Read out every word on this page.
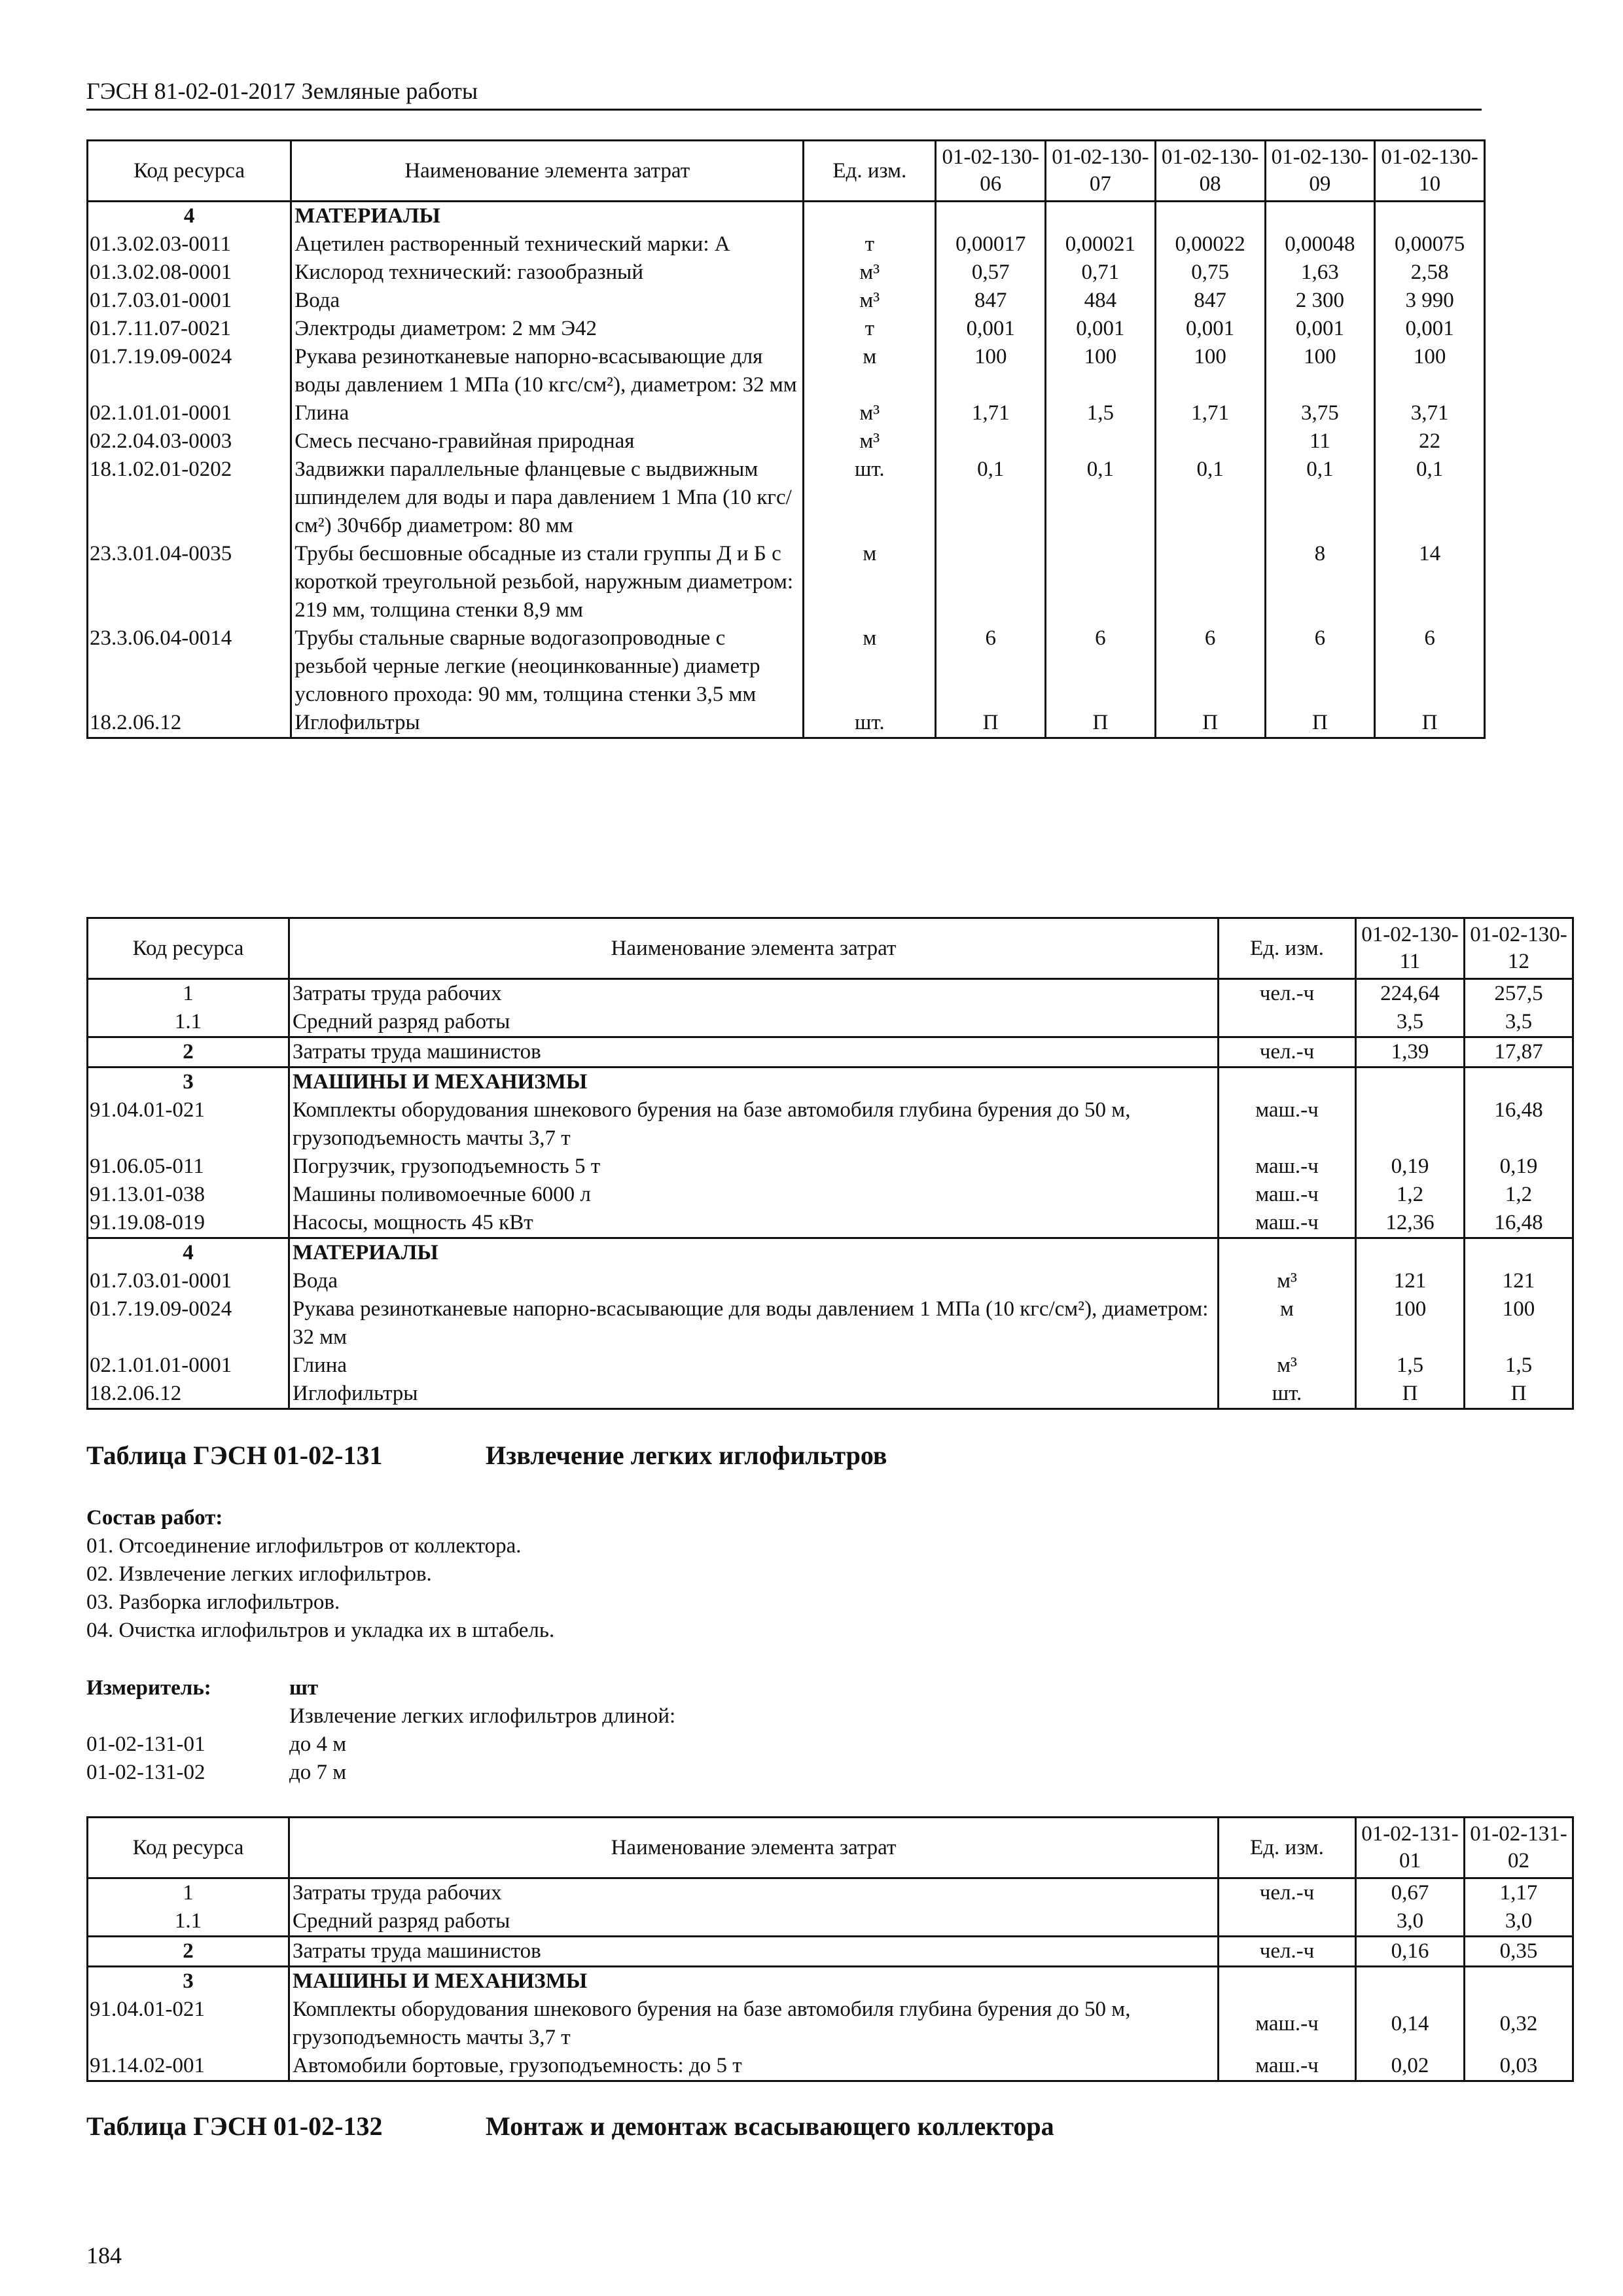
ГЭСН 81-02-01-2017 Земляные работы
Код ресурса	Наименование элемента затрат	Ед. изм.	01-02-130-06	01-02-130-07	01-02-130-08	01-02-130-09	01-02-130-10
4	МАТЕРИАЛЫ						
01.3.02.03-0011	Ацетилен растворенный технический марки: А	т	0,00017	0,00021	0,00022	0,00048	0,00075
01.3.02.08-0001	Кислород технический: газообразный	м³	0,57	0,71	0,75	1,63	2,58
01.7.03.01-0001	Вода	м³	847	484	847	2 300	3 990
01.7.11.07-0021	Электроды диаметром: 2 мм Э42	т	0,001	0,001	0,001	0,001	0,001
01.7.19.09-0024	Рукава резинотканевые напорно-всасывающие для воды давлением 1 МПа (10 кгс/см²), диаметром: 32 мм	м	100	100	100	100	100
02.1.01.01-0001	Глина	м³	1,71	1,5	1,71	3,75	3,71
02.2.04.03-0003	Смесь песчано-гравийная природная	м³				11	22
18.1.02.01-0202	Задвижки параллельные фланцевые с выдвижным шпинделем для воды и пара давлением 1 Мпа (10 кгс/см²) 30ч6бр диаметром: 80 мм	шт.	0,1	0,1	0,1	0,1	0,1
23.3.01.04-0035	Трубы бесшовные обсадные из стали группы Д и Б с короткой треугольной резьбой, наружным диаметром: 219 мм, толщина стенки 8,9 мм	м				8	14
23.3.06.04-0014	Трубы стальные сварные водогазопроводные с резьбой черные легкие (неоцинкованные) диаметр условного прохода: 90 мм, толщина стенки 3,5 мм	м	6	6	6	6	6
18.2.06.12	Иглофильтры	шт.	П	П	П	П	П
Код ресурса	Наименование элемента затрат	Ед. изм.	01-02-130-11	01-02-130-12
1	Затраты труда рабочих	чел.-ч	224,64	257,5
1.1	Средний разряд работы		3,5	3,5
2	Затраты труда машинистов	чел.-ч	1,39	17,87
3	МАШИНЫ И МЕХАНИЗМЫ			
91.04.01-021	Комплекты оборудования шнекового бурения на базе автомобиля глубина бурения до 50 м, грузоподъемность мачты 3,7 т	маш.-ч		16,48
91.06.05-011	Погрузчик, грузоподъемность 5 т	маш.-ч	0,19	0,19
91.13.01-038	Машины поливомоечные 6000 л	маш.-ч	1,2	1,2
91.19.08-019	Насосы, мощность 45 кВт	маш.-ч	12,36	16,48
4	МАТЕРИАЛЫ			
01.7.03.01-0001	Вода	м³	121	121
01.7.19.09-0024	Рукава резинотканевые напорно-всасывающие для воды давлением 1 МПа (10 кгс/см²), диаметром: 32 мм	м	100	100
02.1.01.01-0001	Глина	м³	1,5	1,5
18.2.06.12	Иглофильтры	шт.	П	П
Таблица ГЭСН 01-02-131	Извлечение легких иглофильтров
Состав работ:
01. Отсоединение иглофильтров от коллектора.
02. Извлечение легких иглофильтров.
03. Разборка иглофильтров.
04. Очистка иглофильтров и укладка их в штабель.
Измеритель:	шт
Извлечение легких иглофильтров длиной:
01-02-131-01	до 4 м
01-02-131-02	до 7 м
Код ресурса	Наименование элемента затрат	Ед. изм.	01-02-131-01	01-02-131-02
1	Затраты труда рабочих	чел.-ч	0,67	1,17
1.1	Средний разряд работы		3,0	3,0
2	Затраты труда машинистов	чел.-ч	0,16	0,35
3	МАШИНЫ И МЕХАНИЗМЫ			
91.04.01-021	Комплекты оборудования шнекового бурения на базе автомобиля глубина бурения до 50 м, грузоподъемность мачты 3,7 т	маш.-ч	0,14	0,32
91.14.02-001	Автомобили бортовые, грузоподъемность: до 5 т	маш.-ч	0,02	0,03
Таблица ГЭСН 01-02-132	Монтаж и демонтаж всасывающего коллектора
184
